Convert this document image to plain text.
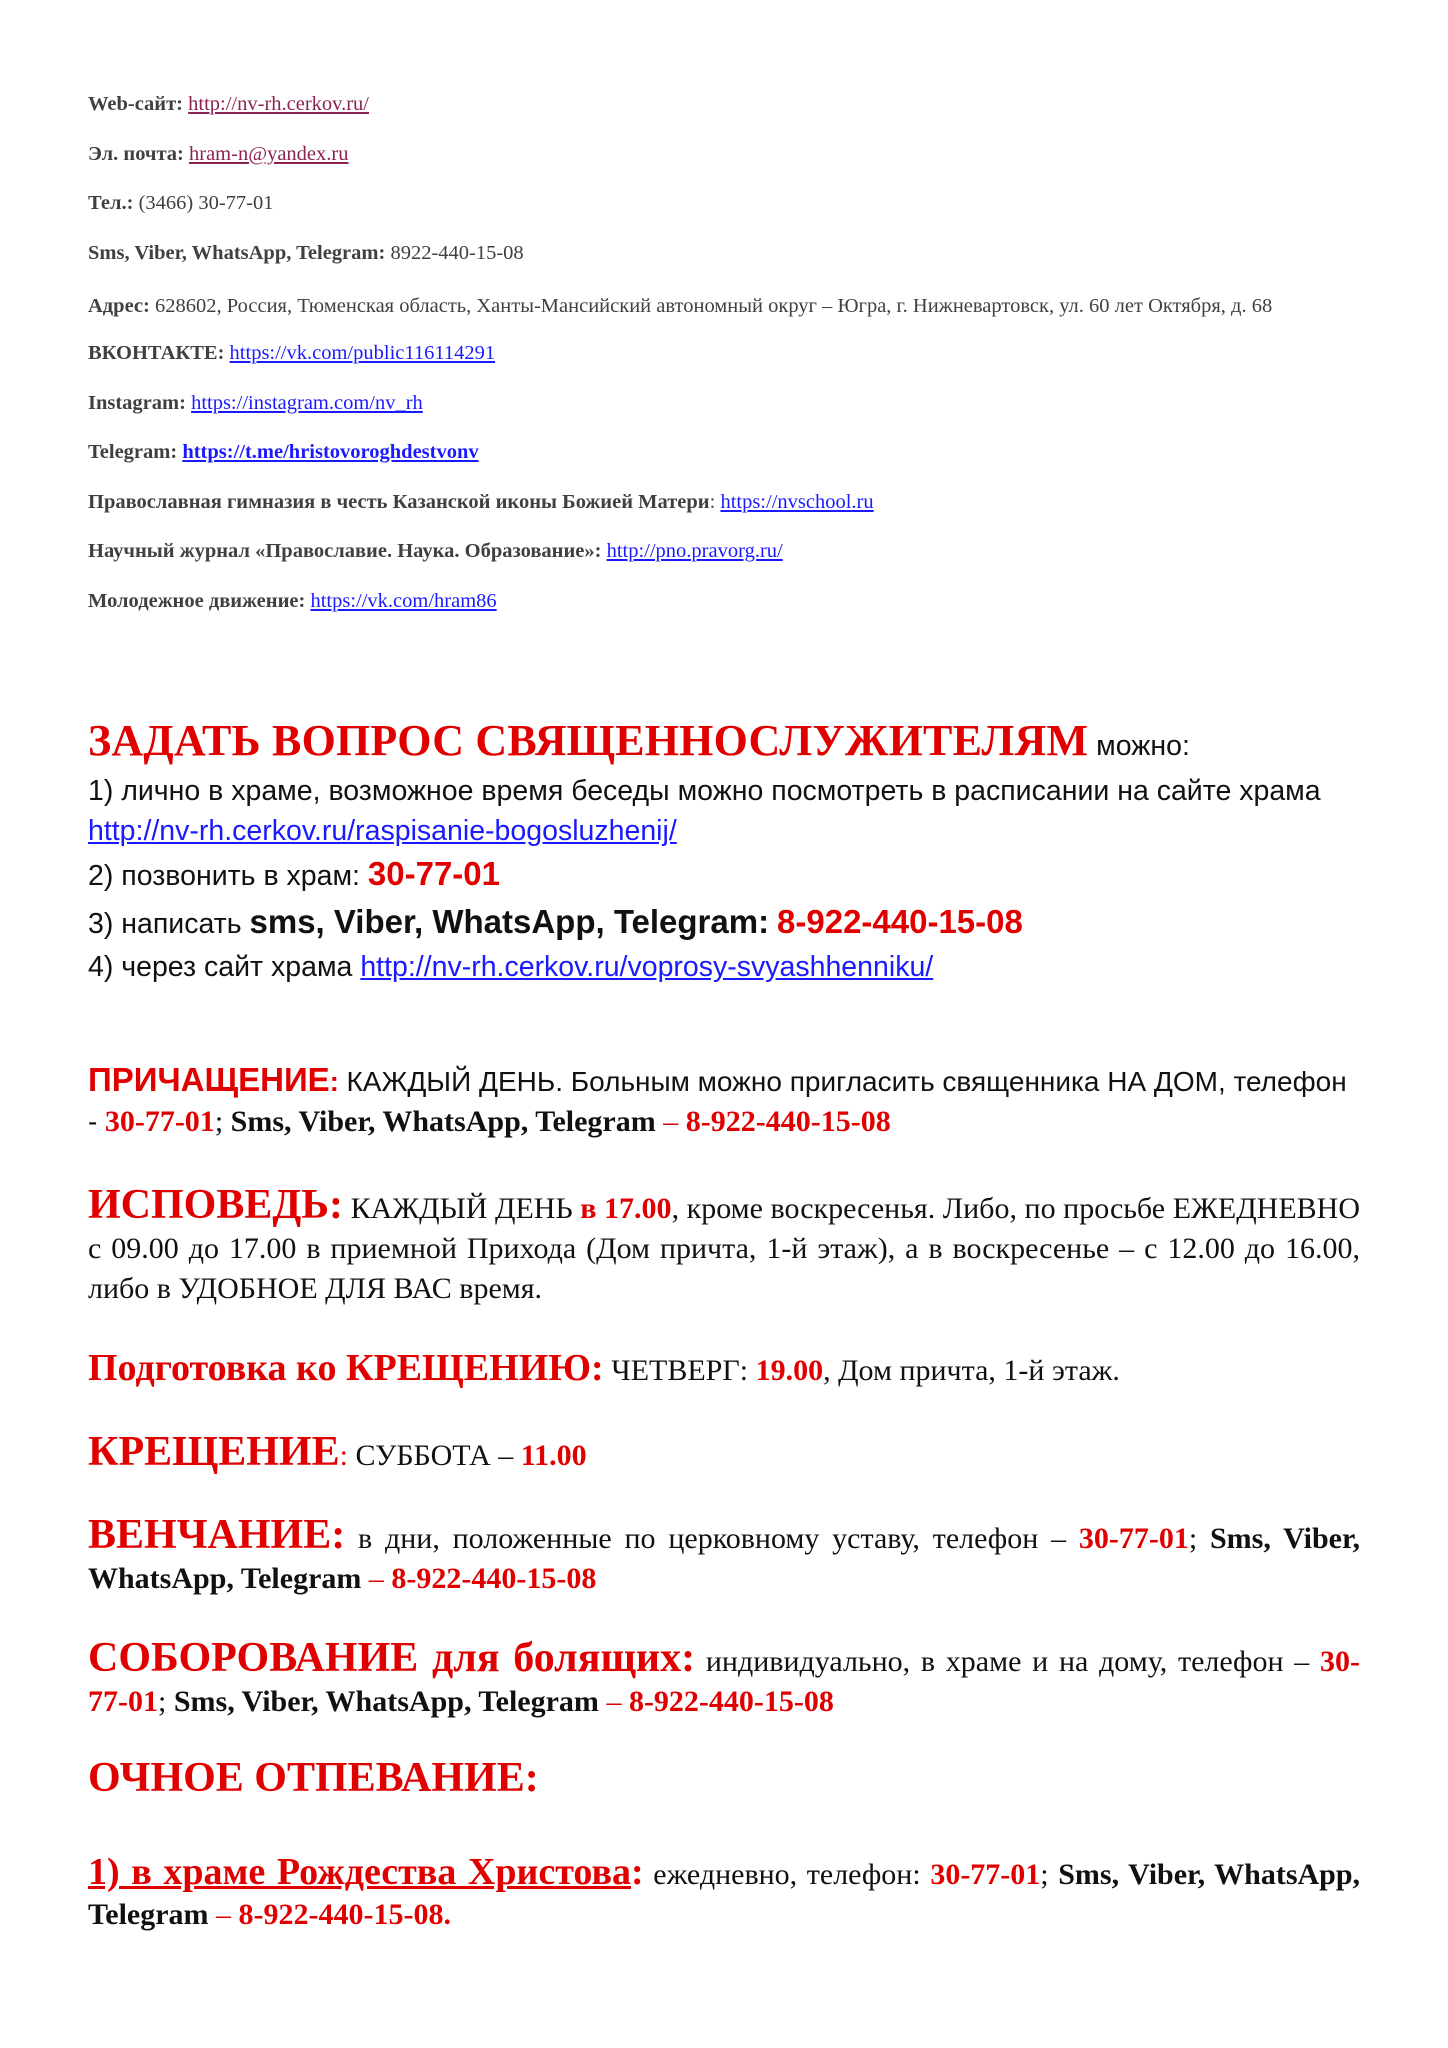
Web-сайт: http://nv-rh.cerkov.ru/
Эл. почта: hram-n@yandex.ru
Тел.: (3466) 30-77-01
Sms, Viber, WhatsApp, Telegram: 8922-440-15-08
Адрес: 628602, Россия, Тюменская область, Ханты-Мансийский автономный округ – Югра, г. Нижневартовск, ул. 60 лет Октября, д. 68
ВКОНТАКТЕ: https://vk.com/public116114291
Instagram: https://instagram.com/nv_rh
Telegram: https://t.me/hristovoroghdestvonv
Православная гимназия в честь Казанской иконы Божией Матери: https://nvschool.ru
Научный журнал «Православие. Наука. Образование»: http://pno.pravorg.ru/
Молодежное движение: https://vk.com/hram86
ЗАДАТЬ ВОПРОС СВЯЩЕННОСЛУЖИТЕЛЯМ можно:
1) лично в храме, возможное время беседы можно посмотреть в расписании на сайте храма http://nv-rh.cerkov.ru/raspisanie-bogosluzhenij/
2) позвонить в храм: 30-77-01
3) написать sms, Viber, WhatsApp, Telegram: 8-922-440-15-08
4) через сайт храма http://nv-rh.cerkov.ru/voprosy-svyashhenniku/
ПРИЧАЩЕНИЕ: КАЖДЫЙ ДЕНЬ. Больным можно пригласить священника НА ДОМ, телефон - 30-77-01; Sms, Viber, WhatsApp, Telegram – 8-922-440-15-08
ИСПОВЕДЬ: КАЖДЫЙ ДЕНЬ в 17.00, кроме воскресенья. Либо, по просьбе ЕЖЕДНЕВНО с 09.00 до 17.00 в приемной Прихода (Дом причта, 1-й этаж), а в воскресенье – с 12.00 до 16.00, либо в УДОБНОЕ ДЛЯ ВАС время.
Подготовка ко КРЕЩЕНИЮ: ЧЕТВЕРГ: 19.00, Дом причта, 1-й этаж.
КРЕЩЕНИЕ: СУББОТА – 11.00
ВЕНЧАНИЕ: в дни, положенные по церковному уставу, телефон – 30-77-01; Sms, Viber, WhatsApp, Telegram – 8-922-440-15-08
СОБОРОВАНИЕ для болящих: индивидуально, в храме и на дому, телефон – 30-77-01; Sms, Viber, WhatsApp, Telegram – 8-922-440-15-08
ОЧНОЕ ОТПЕВАНИЕ:
1) в храме Рождества Христова: ежедневно, телефон: 30-77-01; Sms, Viber, WhatsApp, Telegram – 8-922-440-15-08.
